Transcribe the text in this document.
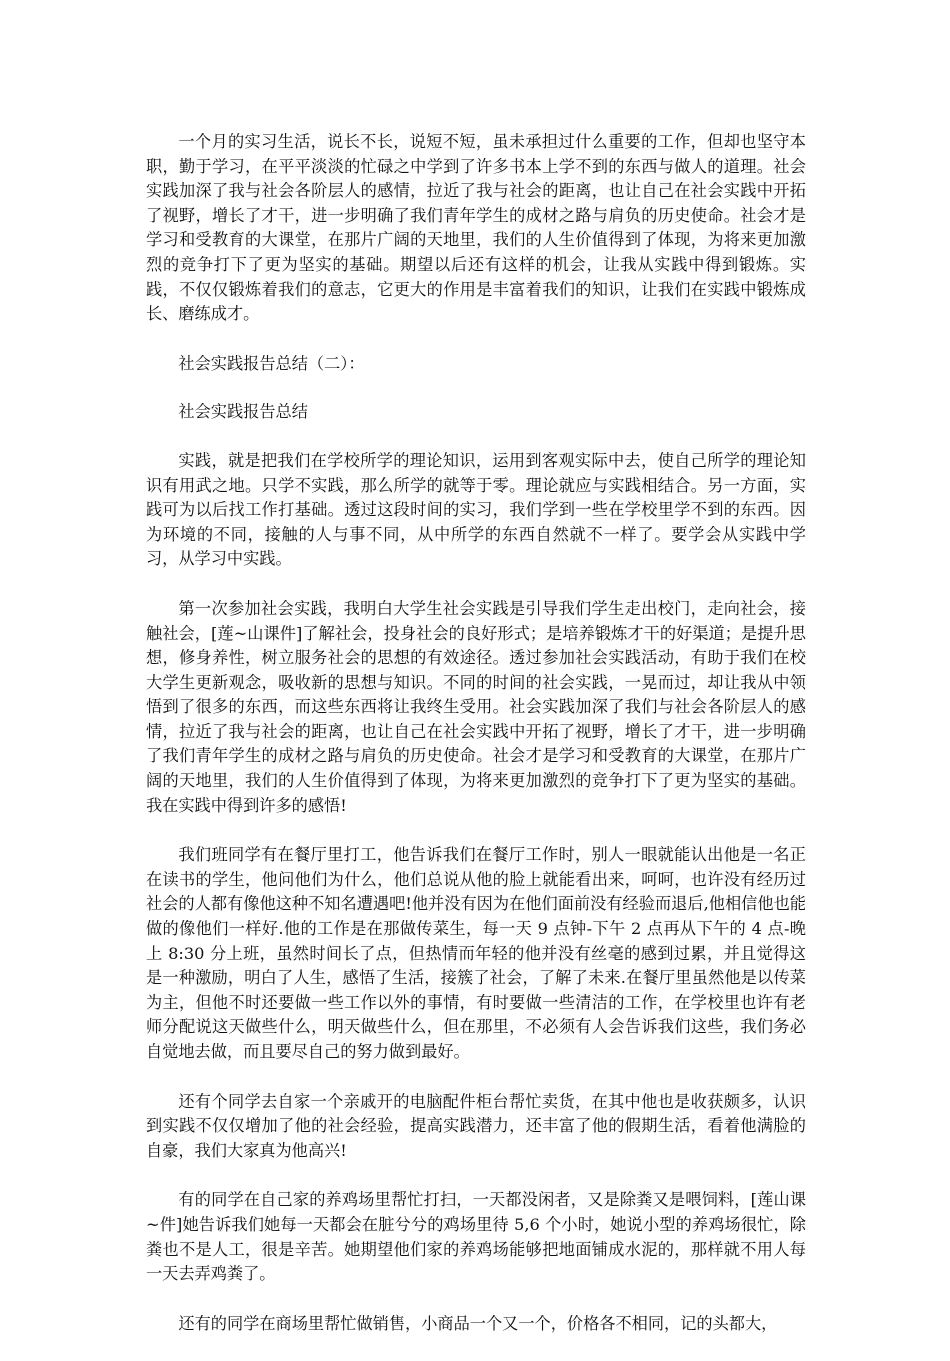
一个月的实习生活，说长不长，说短不短，虽未承担过什么重要的工作，但却也坚守本职，勤于学习，在平平淡淡的忙碌之中学到了许多书本上学不到的东西与做人的道理。社会实践加深了我与社会各阶层人的感情，拉近了我与社会的距离，也让自己在社会实践中开拓了视野，增长了才干，进一步明确了我们青年学生的成材之路与肩负的历史使命。社会才是学习和受教育的大课堂，在那片广阔的天地里，我们的人生价值得到了体现，为将来更加激烈的竞争打下了更为坚实的基础。期望以后还有这样的机会，让我从实践中得到锻炼。实践，不仅仅锻炼着我们的意志，它更大的作用是丰富着我们的知识，让我们在实践中锻炼成长、磨练成才。

社会实践报告总结（二）：

社会实践报告总结

实践，就是把我们在学校所学的理论知识，运用到客观实际中去，使自己所学的理论知识有用武之地。只学不实践，那么所学的就等于零。理论就应与实践相结合。另一方面，实践可为以后找工作打基础。透过这段时间的实习，我们学到一些在学校里学不到的东西。因为环境的不同，接触的人与事不同，从中所学的东西自然就不一样了。要学会从实践中学习，从学习中实践。

第一次参加社会实践，我明白大学生社会实践是引导我们学生走出校门，走向社会，接触社会，[莲~山课件]了解社会，投身社会的良好形式；是培养锻炼才干的好渠道；是提升思想，修身养性，树立服务社会的思想的有效途径。透过参加社会实践活动，有助于我们在校大学生更新观念，吸收新的思想与知识。不同的时间的社会实践，一晃而过，却让我从中领悟到了很多的东西，而这些东西将让我终生受用。社会实践加深了我们与社会各阶层人的感情，拉近了我与社会的距离，也让自己在社会实践中开拓了视野，增长了才干，进一步明确了我们青年学生的成材之路与肩负的历史使命。社会才是学习和受教育的大课堂，在那片广阔的天地里，我们的人生价值得到了体现，为将来更加激烈的竞争打下了更为坚实的基础。我在实践中得到许多的感悟!

我们班同学有在餐厅里打工，他告诉我们在餐厅工作时，别人一眼就能认出他是一名正在读书的学生，他问他们为什么，他们总说从他的脸上就能看出来，呵呵，也许没有经历过社会的人都有像他这种不知名遭遇吧!他并没有因为在他们面前没有经验而退后,他相信他也能做的像他们一样好.他的工作是在那做传菜生，每一天 9 点钟-下午 2 点再从下午的 4 点-晚上 8:30 分上班，虽然时间长了点，但热情而年轻的他并没有丝毫的感到过累，并且觉得这是一种激励，明白了人生，感悟了生活，接簇了社会，了解了未来.在餐厅里虽然他是以传菜为主，但他不时还要做一些工作以外的事情，有时要做一些清洁的工作，在学校里也许有老师分配说这天做些什么，明天做些什么，但在那里，不必须有人会告诉我们这些，我们务必自觉地去做，而且要尽自己的努力做到最好。

还有个同学去自家一个亲戚开的电脑配件柜台帮忙卖货，在其中他也是收获颇多，认识到实践不仅仅增加了他的社会经验，提高实践潜力，还丰富了他的假期生活，看着他满脸的自豪，我们大家真为他高兴!

有的同学在自己家的养鸡场里帮忙打扫，一天都没闲者，又是除粪又是喂饲料，[莲山课~件]她告诉我们她每一天都会在脏兮兮的鸡场里待 5,6 个小时，她说小型的养鸡场很忙，除粪也不是人工，很是辛苦。她期望他们家的养鸡场能够把地面铺成水泥的，那样就不用人每一天去弄鸡粪了。

还有的同学在商场里帮忙做销售，小商品一个又一个，价格各不相同，记的头都大，
